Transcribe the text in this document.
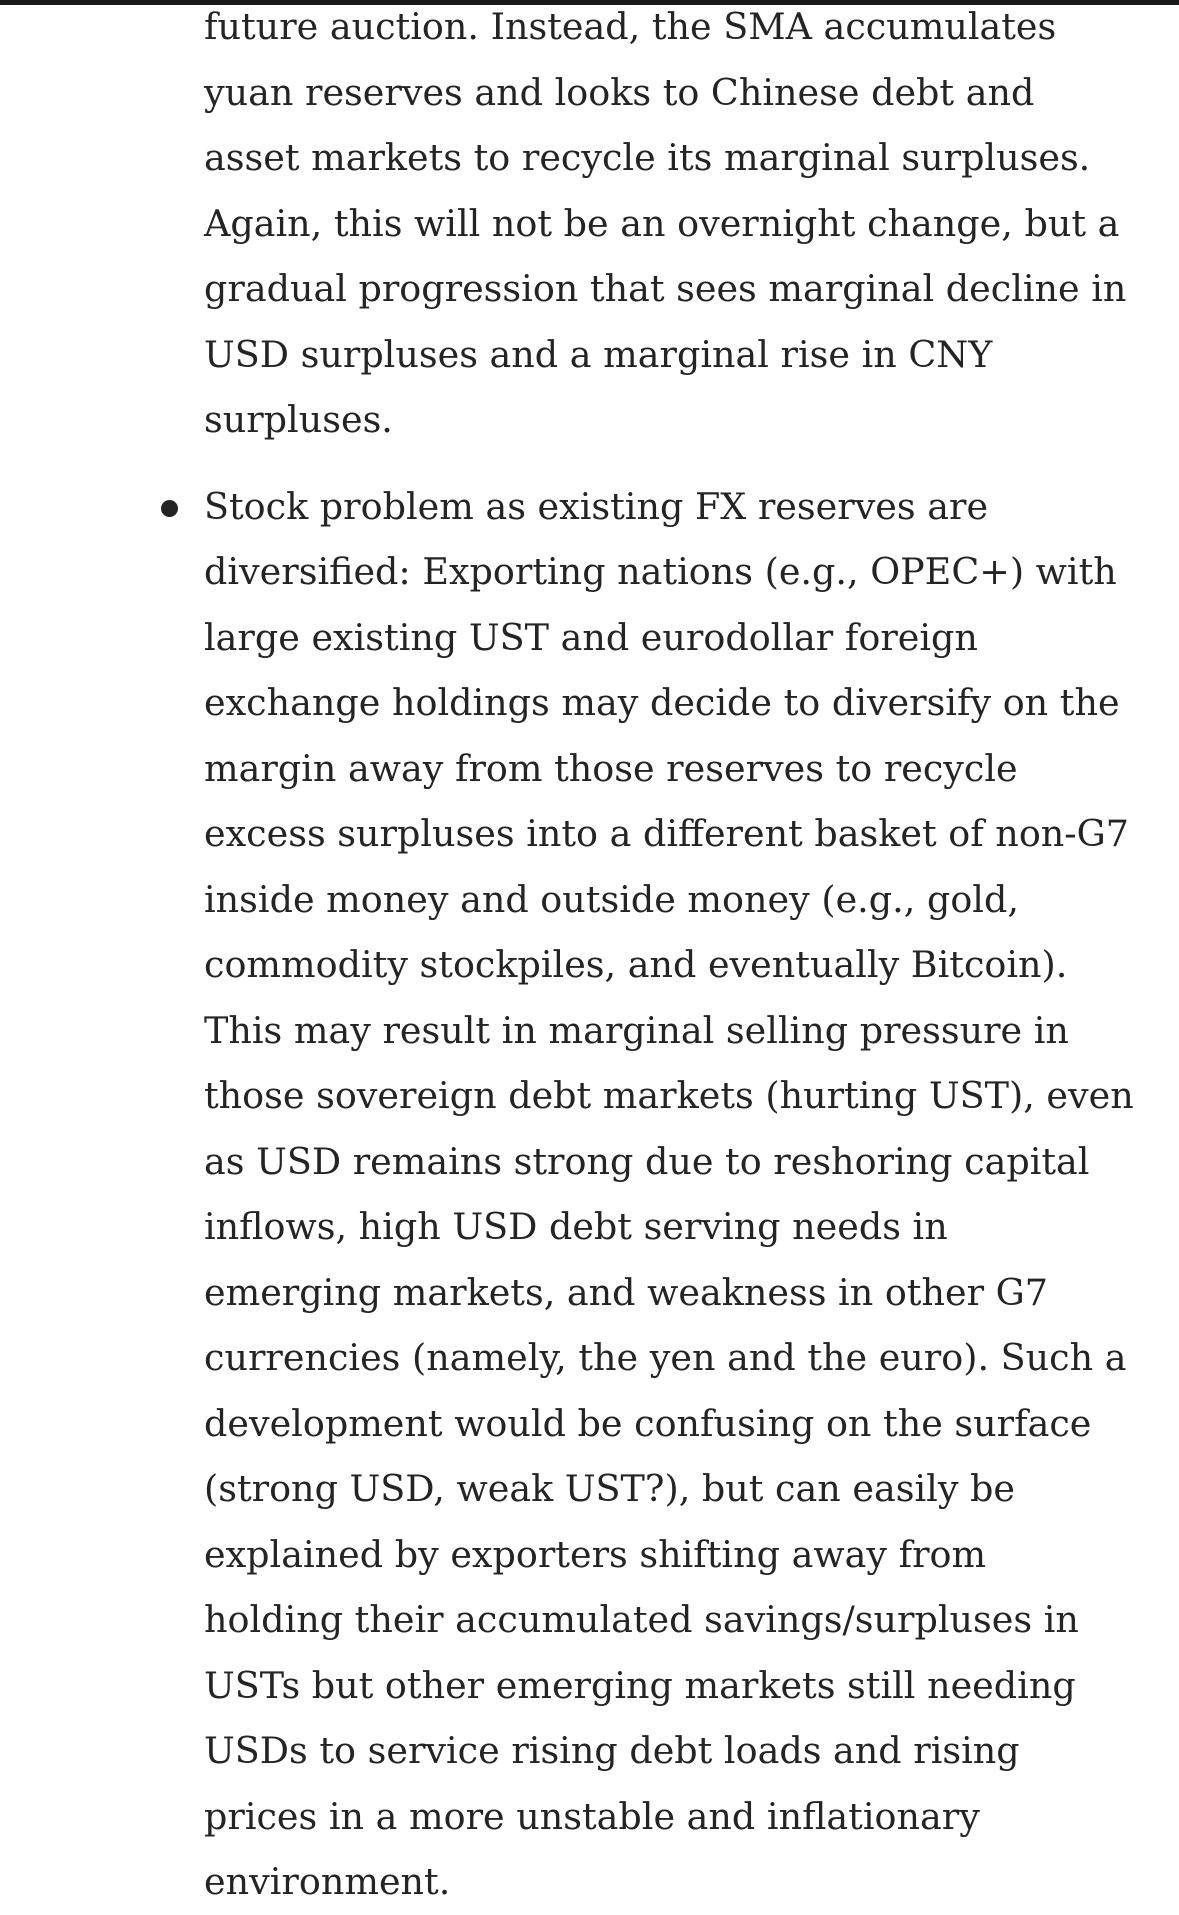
future auction. Instead, the SMA accumulates yuan reserves and looks to Chinese debt and asset markets to recycle its marginal surpluses. Again, this will not be an overnight change, but a gradual progression that sees marginal decline in USD surpluses and a marginal rise in CNY surpluses.

Stock problem as existing FX reserves are diversified: Exporting nations (e.g., OPEC+) with large existing UST and eurodollar foreign exchange holdings may decide to diversify on the margin away from those reserves to recycle excess surpluses into a different basket of non-G7 inside money and outside money (e.g., gold, commodity stockpiles, and eventually Bitcoin). This may result in marginal selling pressure in those sovereign debt markets (hurting UST), even as USD remains strong due to reshoring capital inflows, high USD debt serving needs in emerging markets, and weakness in other G7 currencies (namely, the yen and the euro). Such a development would be confusing on the surface (strong USD, weak UST?), but can easily be explained by exporters shifting away from holding their accumulated savings/surpluses in USTs but other emerging markets still needing USDs to service rising debt loads and rising prices in a more unstable and inflationary environment.
